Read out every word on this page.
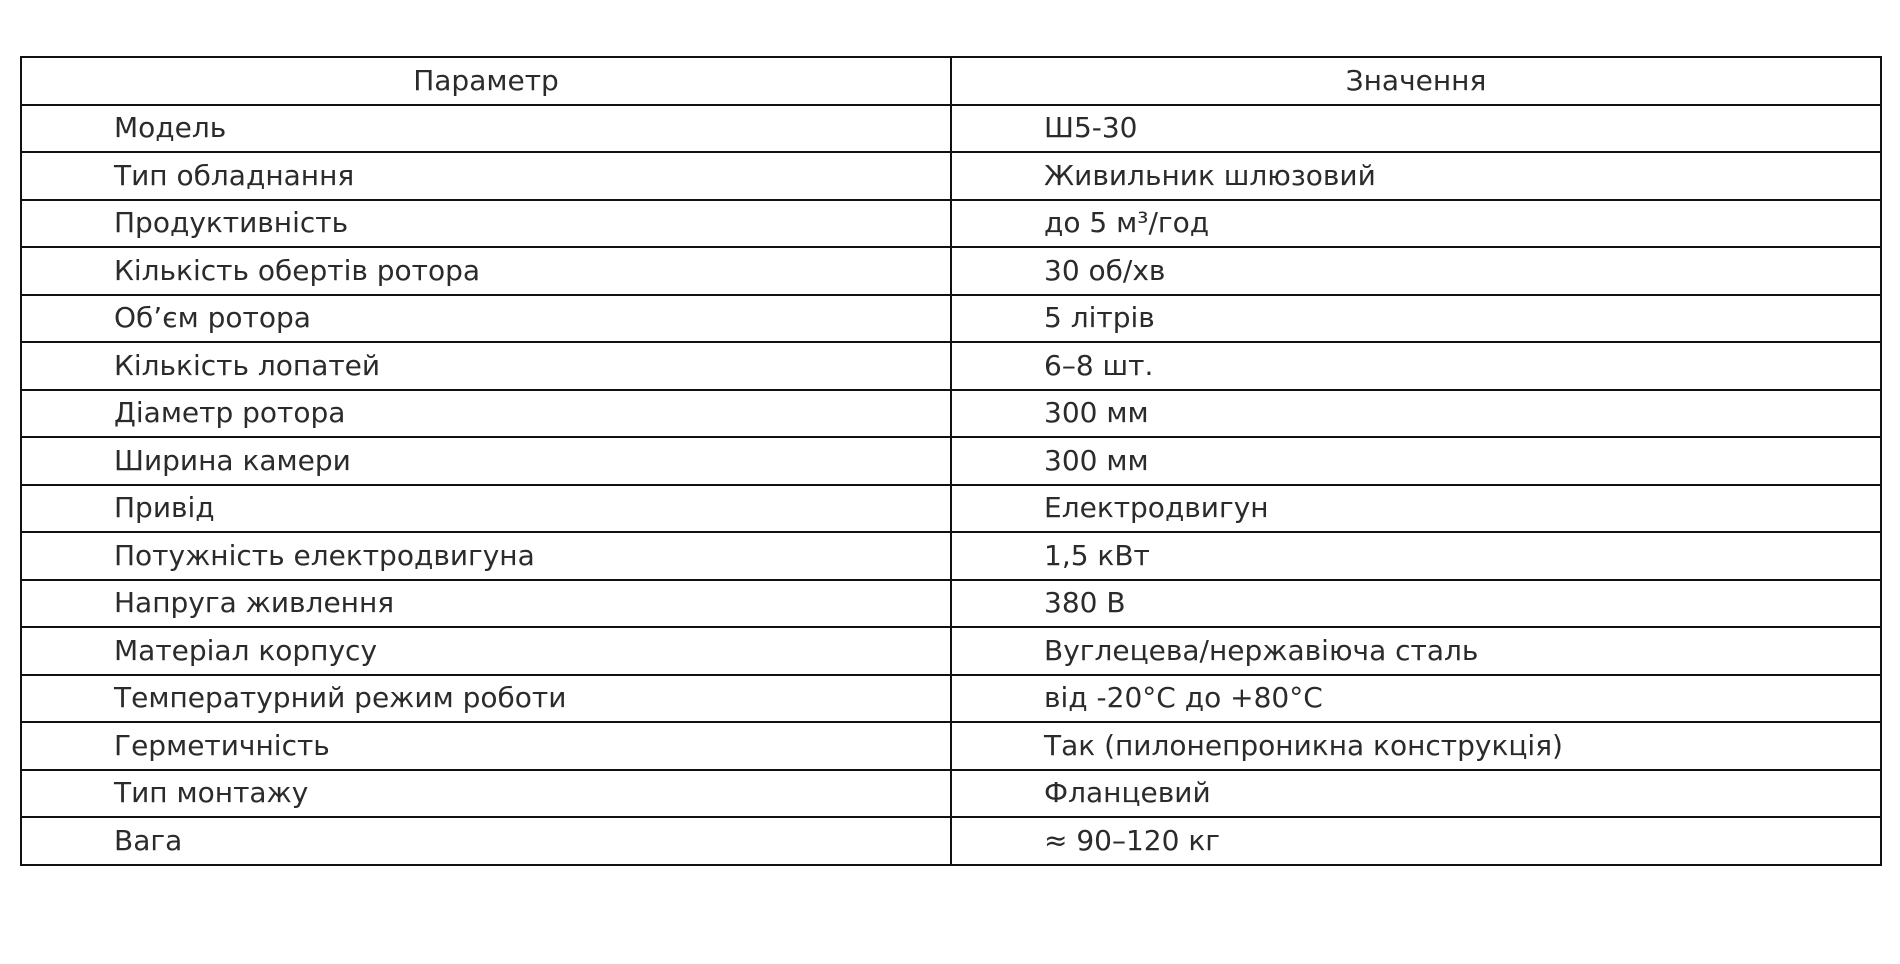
Параметр	Значення
Модель	Ш5-30
Тип обладнання	Живильник шлюзовий
Продуктивність	до 5 м³/год
Кількість обертів ротора	30 об/хв
Об’єм ротора	5 літрів
Кількість лопатей	6–8 шт.
Діаметр ротора	300 мм
Ширина камери	300 мм
Привід	Електродвигун
Потужність електродвигуна	1,5 кВт
Напруга живлення	380 В
Матеріал корпусу	Вуглецева/нержавіюча сталь
Температурний режим роботи	від -20°C до +80°C
Герметичність	Так (пилонепроникна конструкція)
Тип монтажу	Фланцевий
Вага	≈ 90–120 кг
